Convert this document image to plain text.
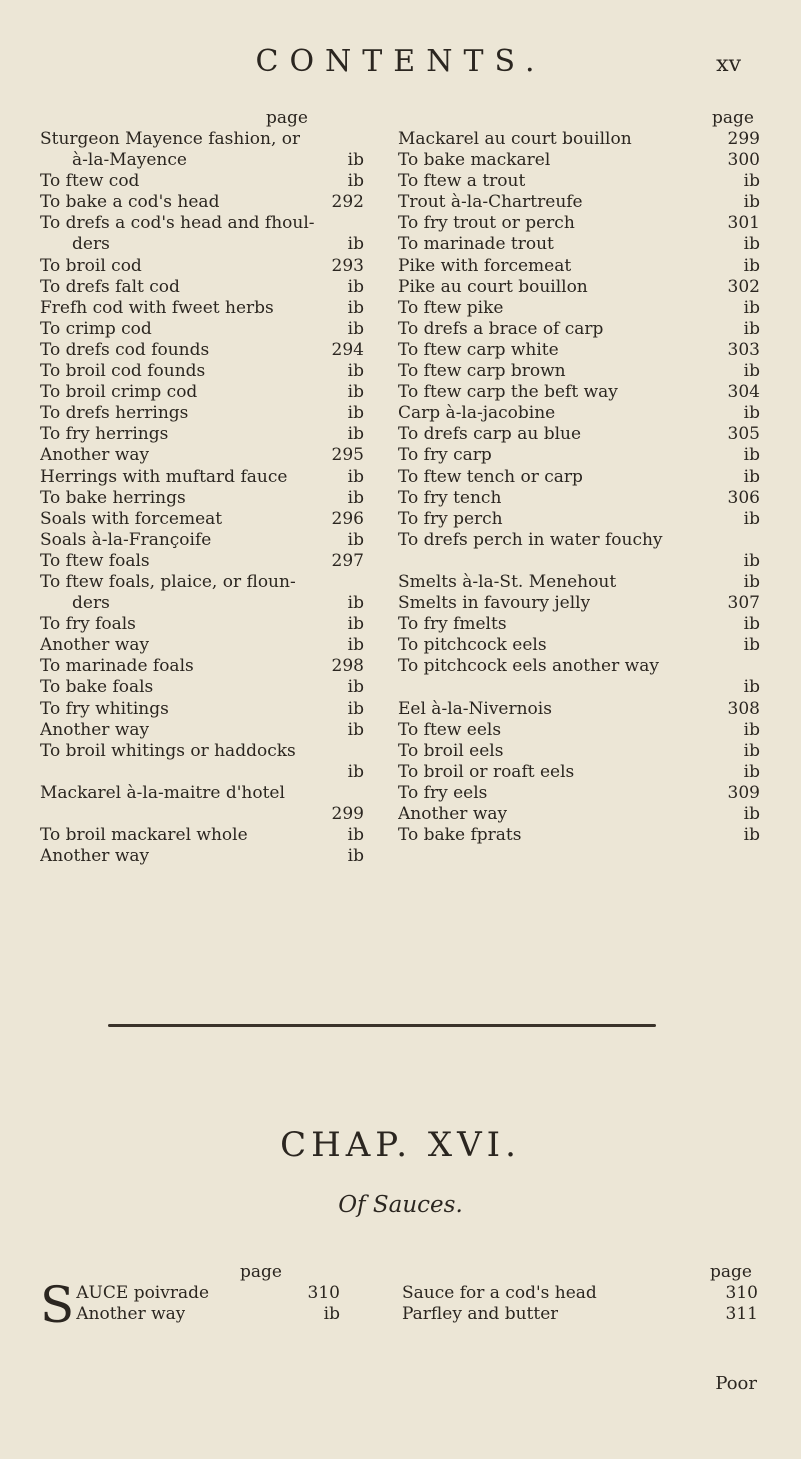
CONTENTS.	xv
page
Sturgeon Mayence fashion, or
à-la-Mayence	ib
To ftew cod	ib
To bake a cod's head	292
To drefs a cod's head and fhoul-
ders	ib
To broil cod	293
To drefs falt cod	ib
Frefh cod with fweet herbs	ib
To crimp cod	ib
To drefs cod founds	294
To broil cod founds	ib
To broil crimp cod	ib
To drefs herrings	ib
To fry herrings	ib
Another way	295
Herrings with muftard fauce	ib
To bake herrings	ib
Soals with forcemeat	296
Soals à-la-Françoife	ib
To ftew foals	297
To ftew foals, plaice, or floun-
ders	ib
To fry foals	ib
Another way	ib
To marinade foals	298
To bake foals	ib
To fry whitings	ib
Another way	ib
To broil whitings or haddocks
ib
Mackarel à-la-maitre d'hotel
299
To broil mackarel whole	ib
Another way	ib
page
Mackarel au court bouillon	299
To bake mackarel	300
To ftew a trout	ib
Trout à-la-Chartreufe	ib
To fry trout or perch	301
To marinade trout	ib
Pike with forcemeat	ib
Pike au court bouillon	302
To ftew pike	ib
To drefs a brace of carp	ib
To ftew carp white	303
To ftew carp brown	ib
To ftew carp the beft way	304
Carp à-la-jacobine	ib
To drefs carp au blue	305
To fry carp	ib
To ftew tench or carp	ib
To fry tench	306
To fry perch	ib
To drefs perch in water fouchy
ib
Smelts à-la-St. Menehout	ib
Smelts in favoury jelly	307
To fry fmelts	ib
To pitchcock eels	ib
To pitchcock eels another way
ib
Eel à-la-Nivernois	308
To ftew eels	ib
To broil eels	ib
To broil or roaft eels	ib
To fry eels	309
Another way	ib
To bake fprats	ib
CHAP. XVI.
Of Sauces.
page
S AUCE poivrade	310
Another way	ib
page
Sauce for a cod's head	310
Parfley and butter	311
Poor
